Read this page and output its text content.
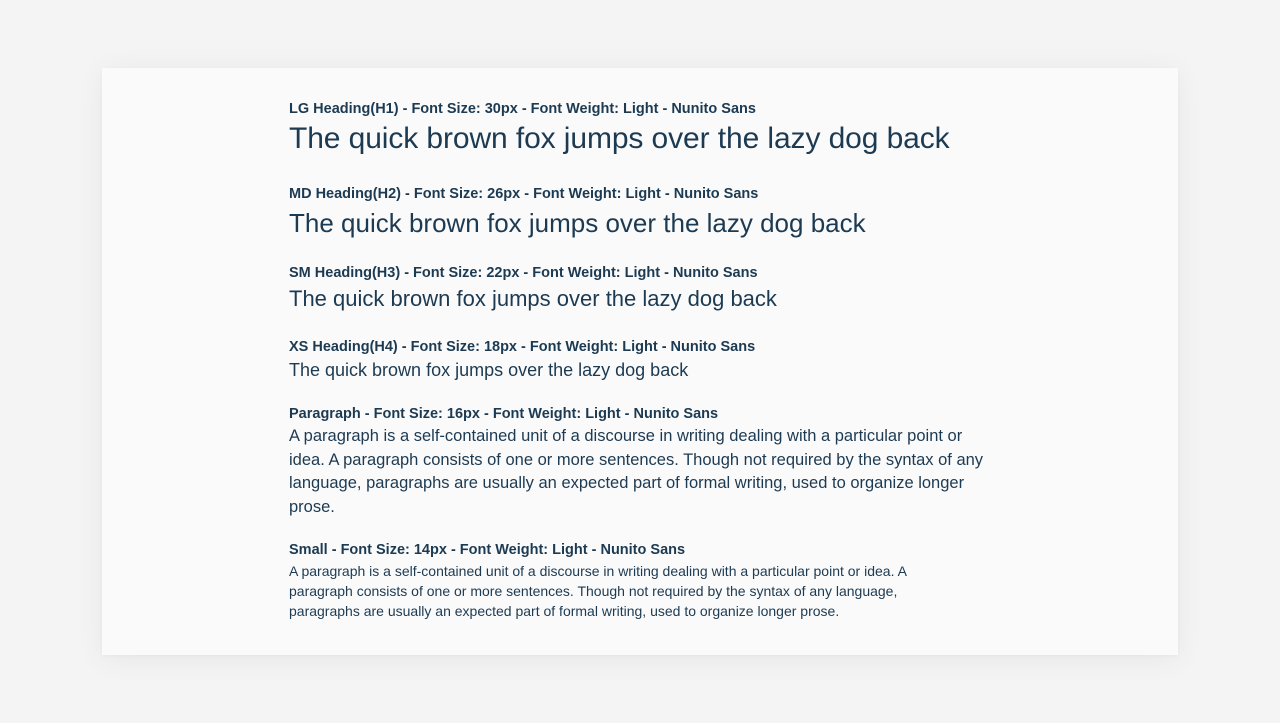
LG Heading(H1) - Font Size: 30px - Font Weight: Light - Nunito Sans
The quick brown fox jumps over the lazy dog back
MD Heading(H2) - Font Size: 26px - Font Weight: Light - Nunito Sans
The quick brown fox jumps over the lazy dog back
SM Heading(H3) - Font Size: 22px - Font Weight: Light - Nunito Sans
The quick brown fox jumps over the lazy dog back
XS Heading(H4) - Font Size: 18px - Font Weight: Light - Nunito Sans
The quick brown fox jumps over the lazy dog back
Paragraph - Font Size: 16px - Font Weight: Light - Nunito Sans
A paragraph is a self-contained unit of a discourse in writing dealing with a particular point or idea. A paragraph consists of one or more sentences. Though not required by the syntax of any language, paragraphs are usually an expected part of formal writing, used to organize longer prose.
Small - Font Size: 14px - Font Weight: Light - Nunito Sans
A paragraph is a self-contained unit of a discourse in writing dealing with a particular point or idea. A paragraph consists of one or more sentences. Though not required by the syntax of any language, paragraphs are usually an expected part of formal writing, used to organize longer prose.
